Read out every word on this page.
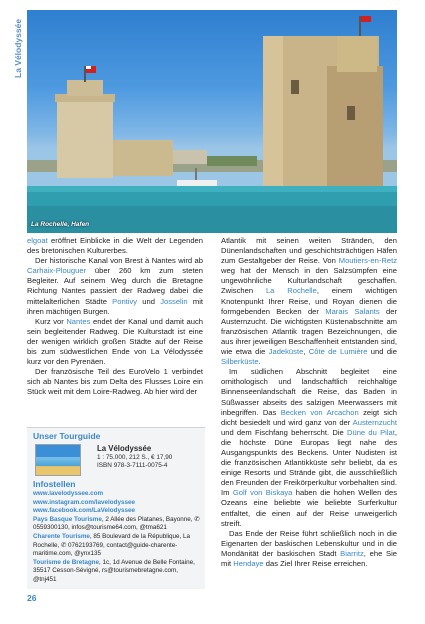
La Vélodyssée
La Rochelle, Hafen

elgoat eröffnet Einblicke in die Welt der Legenden des bretonischen Kulturerbes.

Der historische Kanal von Brest à Nantes wird ab Carhaix-Plouguer über 260 km zum steten Begleiter. Auf seinem Weg durch die Bretagne Richtung Nantes passiert der Radweg dabei die mittelalterlichen Städte Pontivy und Josselin mit ihren mächtigen Burgen.

Kurz vor Nantes endet der Kanal und damit auch sein begleitender Radweg. Die Kulturstadt ist eine der wenigen wirklich großen Städte auf der Reise bis zum südwestlichen Ende von La Vélodyssée kurz vor den Pyrenäen.

Der französische Teil des EuroVelo 1 verbindet sich ab Nantes bis zum Delta des Flusses Loire ein Stück weit mit dem Loire-Radweg. Ab hier wird der

Unser Tourguide
La Vélodyssée
1 : 75.000, 212 S., € 17,90
ISBN 978-3-7111-0075-4
Infostellen
www.lavelodyssee.com
www.instagram.com/lavelodyssee
www.facebook.com/LaVelodyssee
Pays Basque Tourisme, 2 Allée des Platanes, Bayonne, ✆ 0559300130, infos@tourisme64.com, @tma621
Charente Tourisme, 85 Boulevard de la République, La Rochelle, ✆ 0762193769, contact@guide-charente-maritime.com, @ynx135
Tourisme de Bretagne, 1c, 1d Avenue de Belle Fontaine, 35517 Cesson-Sévigné, rs@tourismebretagne.com, @tnj451

Atlantik mit seinen weiten Stränden, den Dünenlandschaften und geschichtsträchtigen Häfen zum Gestaltgeber der Reise. Von Moutiers-en-Retz weg hat der Mensch in den Salzsümpfen eine ungewöhnliche Kulturlandschaft geschaffen. Zwischen La Rochelle, einem wichtigen Knotenpunkt Ihrer Reise, und Royan dienen die formgebenden Becken der Marais Salants der Austernzucht. Die wichtigsten Küstenabschnitte am französischen Atlantik tragen Bezeichnungen, die aus ihrer jeweiligen Beschaffenheit entstanden sind, wie etwa die Jadeküste, Côte de Lumière und die Silberküste.

Im südlichen Abschnitt begleitet eine ornithologisch und landschaftlich reichhaltige Binnenseenlandschaft die Reise, das Baden in Süßwasser abseits des salzigen Meerwassers mit inbegriffen. Das Becken von Arcachon zeigt sich dicht besiedelt und wird ganz von der Austernzucht und dem Fischfang beherrscht. Die Düne du Pilat, die höchste Düne Europas liegt nahe des Ausgangspunkts des Beckens. Unter Nudisten ist die französischen Atlantikküste sehr beliebt, da es einige Resorts und Strände gibt, die ausschließlich den Freunden der Freikörperkultur vorbehalten sind. Im Golf von Biskaya haben die hohen Wellen des Ozeans eine beliebte wie beliebte Surferkultur entfaltet, die einen auf der Reise unweigerlich streift.

Das Ende der Reise führt schließlich noch in die Eigenarten der baskischen Lebenskultur und in die Mondänität der baskischen Stadt Biarritz, ehe Sie mit Hendaye das Ziel Ihrer Reise erreichen.

26
